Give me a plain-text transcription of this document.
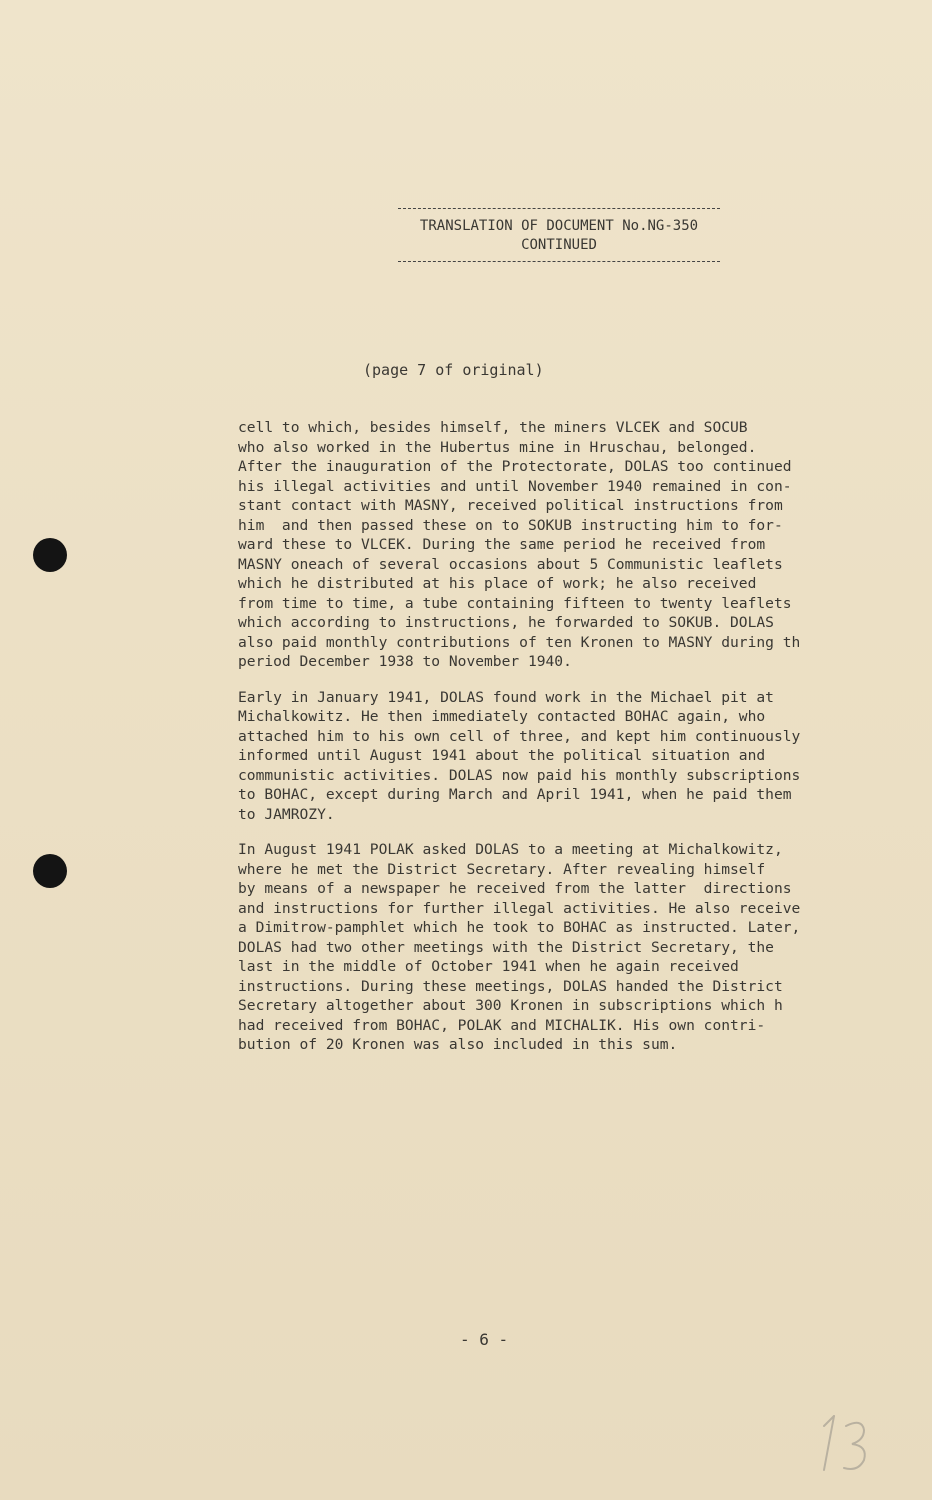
TRANSLATION OF DOCUMENT No.NG-350
CONTINUED
(page 7 of original)
cell to which, besides himself, the miners VLCEK and SOCUB
who also worked in the Hubertus mine in Hruschau, belonged.
After the inauguration of the Protectorate, DOLAS too continued
his illegal activities and until November 1940 remained in con-
stant contact with MASNY, received political instructions from
him  and then passed these on to SOKUB instructing him to for-
ward these to VLCEK. During the same period he received from
MASNY oneach of several occasions about 5 Communistic leaflets
which he distributed at his place of work; he also received
from time to time, a tube containing fifteen to twenty leaflets
which according to instructions, he forwarded to SOKUB. DOLAS
also paid monthly contributions of ten Kronen to MASNY during th
period December 1938 to November 1940.
Early in January 1941, DOLAS found work in the Michael pit at
Michalkowitz. He then immediately contacted BOHAC again, who
attached him to his own cell of three, and kept him continuously
informed until August 1941 about the political situation and
communistic activities. DOLAS now paid his monthly subscriptions
to BOHAC, except during March and April 1941, when he paid them
to JAMROZY.
In August 1941 POLAK asked DOLAS to a meeting at Michalkowitz,
where he met the District Secretary. After revealing himself
by means of a newspaper he received from the latter  directions
and instructions for further illegal activities. He also receive
a Dimitrow-pamphlet which he took to BOHAC as instructed. Later,
DOLAS had two other meetings with the District Secretary, the
last in the middle of October 1941 when he again received
instructions. During these meetings, DOLAS handed the District
Secretary altogether about 300 Kronen in subscriptions which h
had received from BOHAC, POLAK and MICHALIK. His own contri-
bution of 20 Kronen was also included in this sum.
- 6 -
